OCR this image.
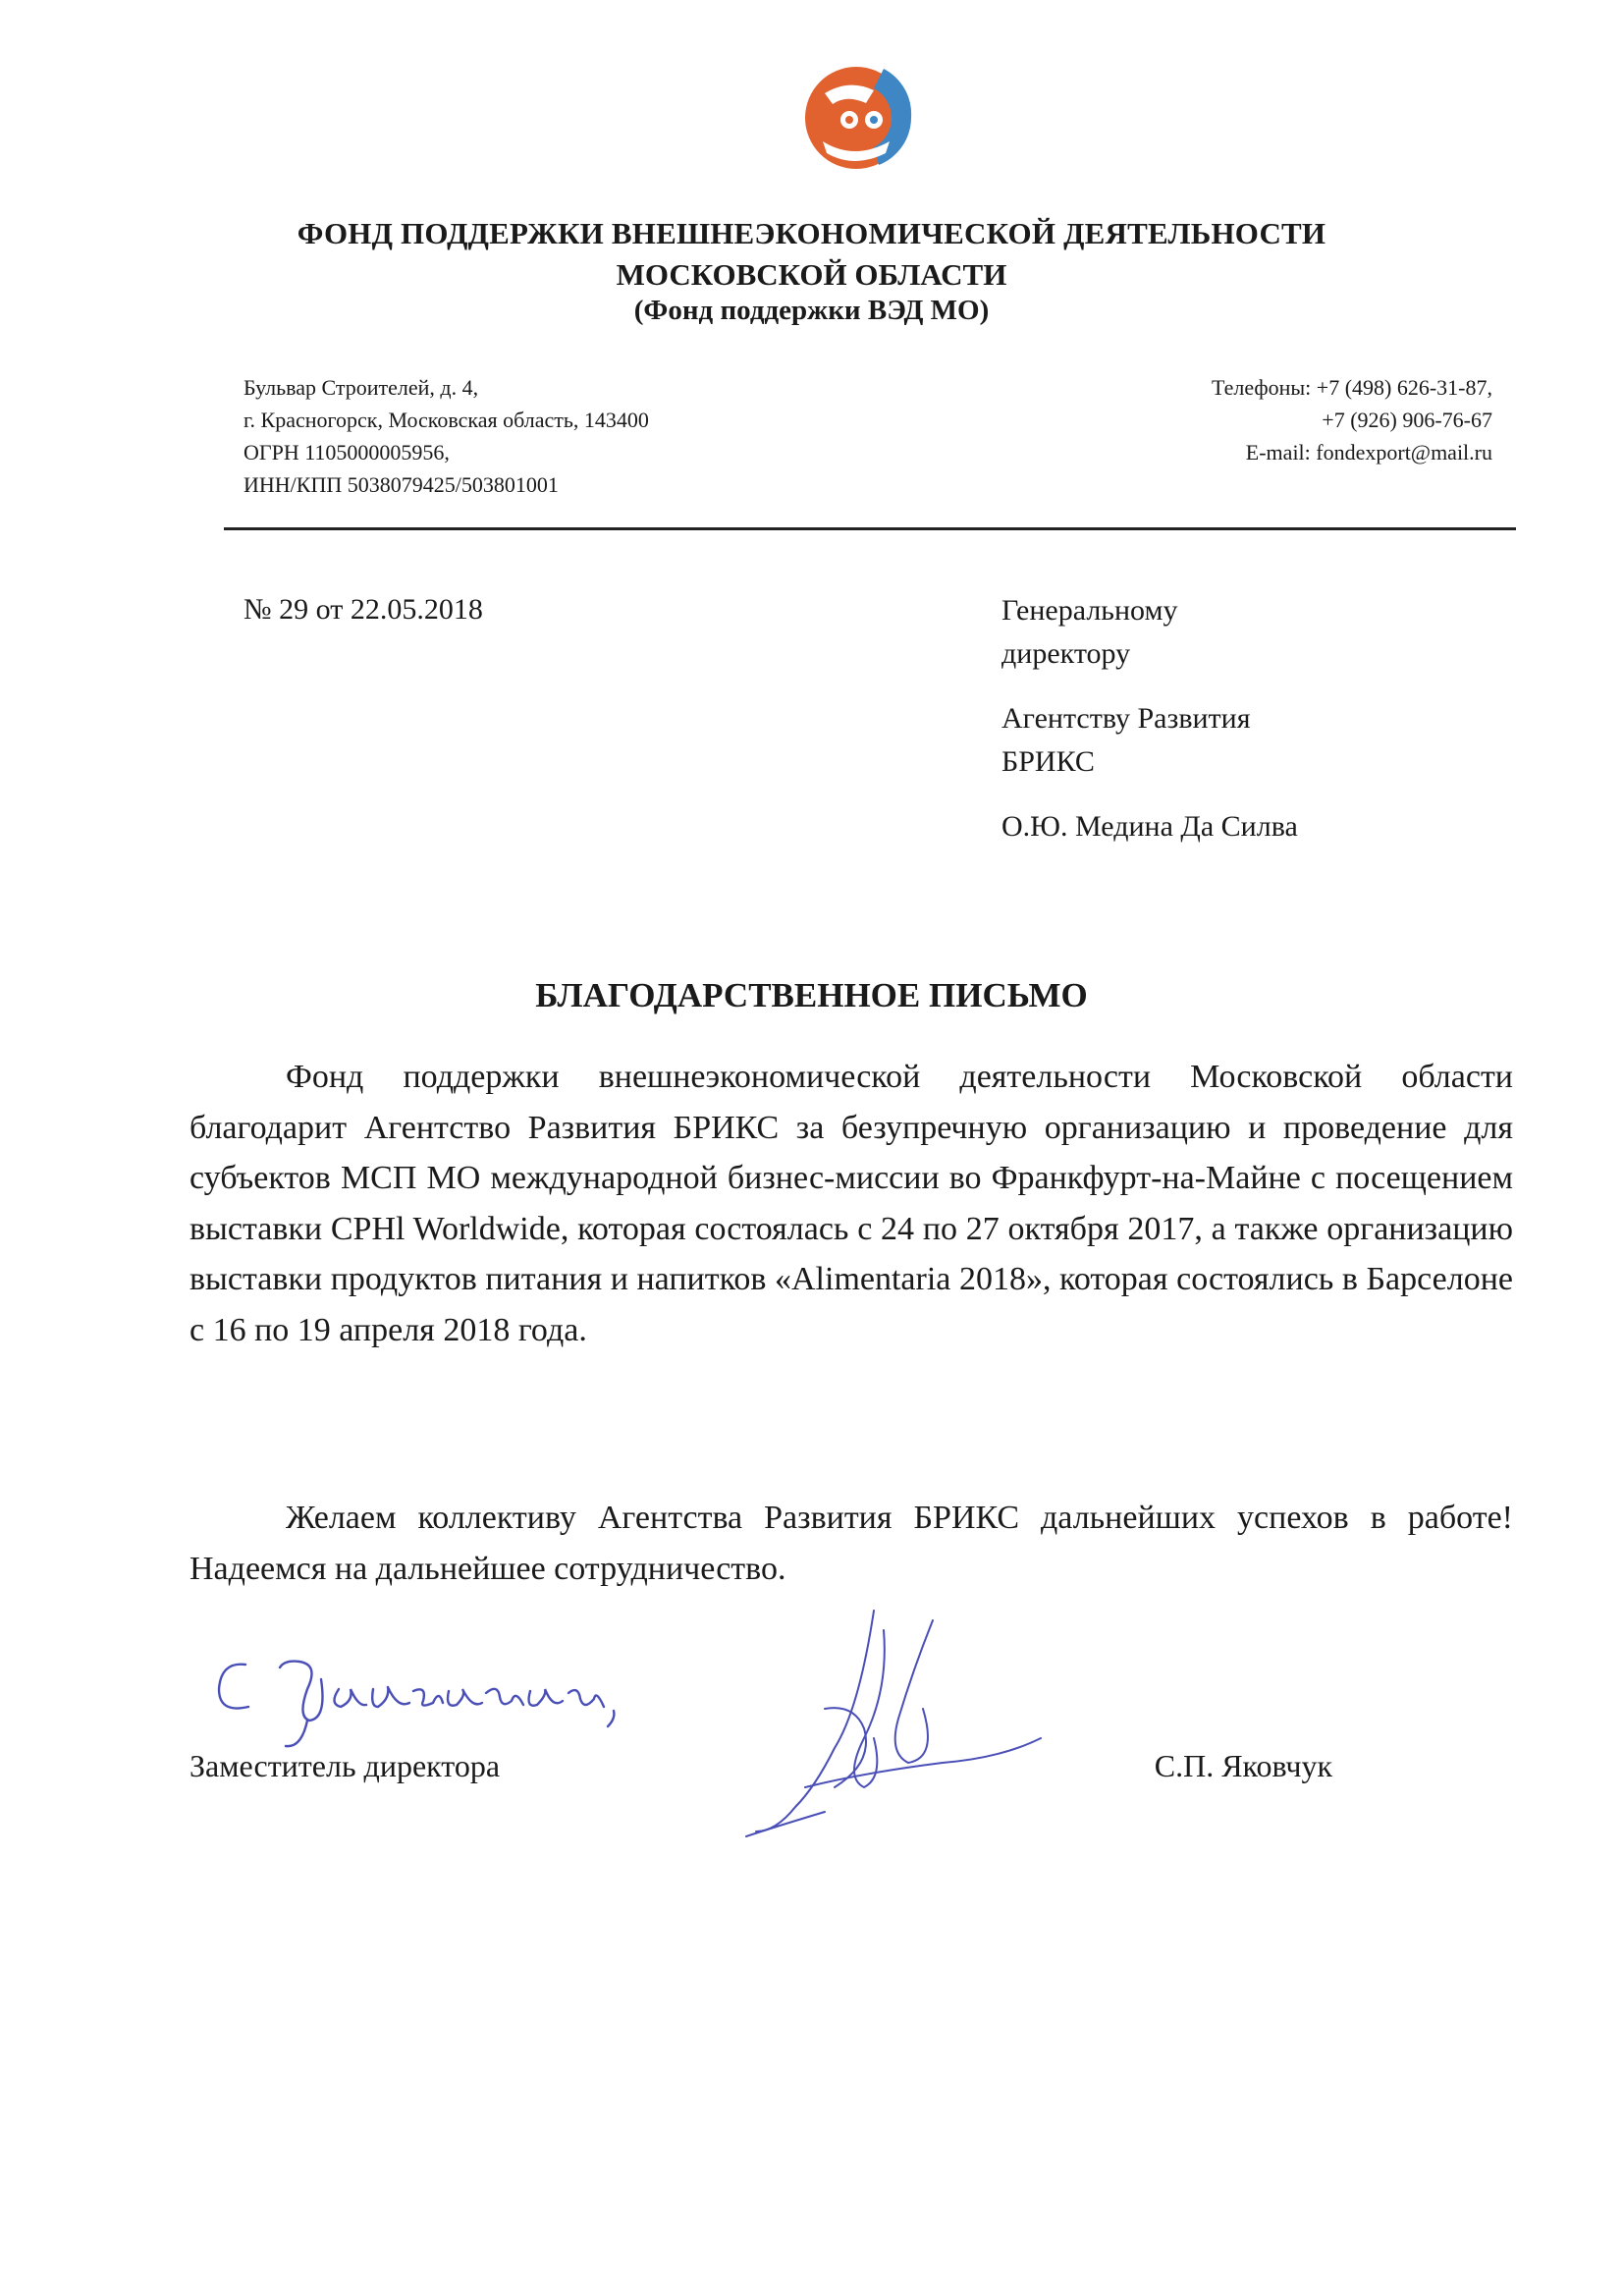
ФОНД ПОДДЕРЖКИ ВНЕШНЕЭКОНОМИЧЕСКОЙ ДЕЯТЕЛЬНОСТИ
МОСКОВСКОЙ ОБЛАСТИ
(Фонд поддержки ВЭД МО)
Бульвар Строителей, д. 4,
г. Красногорск, Московская область, 143400
ОГРН 1105000005956,
ИНН/КПП 5038079425/503801001
Телефоны: +7 (498) 626-31-87,
+7 (926) 906-76-67
E-mail: fondexport@mail.ru
№ 29 от 22.05.2018	Генеральному
директору
Агентству Развития
БРИКС
О.Ю. Медина Да Силва
БЛАГОДАРСТВЕННОЕ ПИСЬМО
Фонд поддержки внешнеэкономической деятельности Московской области благодарит Агентство Развития БРИКС за безупречную организацию и проведение для субъектов МСП МО международной бизнес-миссии во Франкфурт-на-Майне с посещением выставки CPHl Worldwide, которая состоялась с 24 по 27 октября 2017, а также организацию выставки продуктов питания и напитков «Alimentaria 2018», которая состоялись в Барселоне с 16 по 19 апреля 2018 года.
Желаем коллективу Агентства Развития БРИКС дальнейших успехов в работе! Надеемся на дальнейшее сотрудничество.
Заместитель директора	С.П. Яковчук
